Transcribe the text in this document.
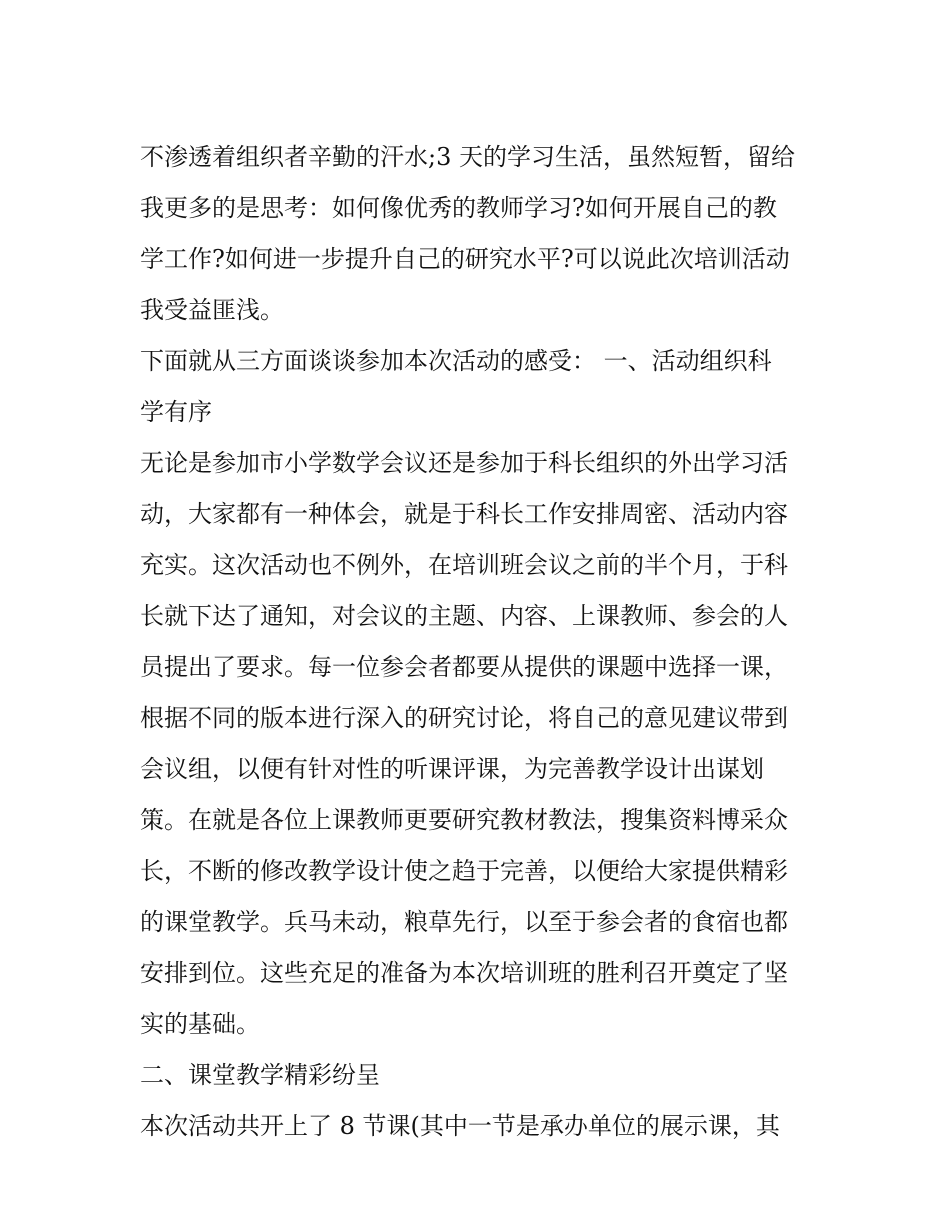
不渗透着组织者辛勤的汗水;3 天的学习生活，虽然短暂，留给
我更多的是思考：如何像优秀的教师学习?如何开展自己的教
学工作?如何进一步提升自己的研究水平?可以说此次培训活动
我受益匪浅。
下面就从三方面谈谈参加本次活动的感受： 一、活动组织科
学有序
无论是参加市小学数学会议还是参加于科长组织的外出学习活
动，大家都有一种体会，就是于科长工作安排周密、活动内容
充实。这次活动也不例外，在培训班会议之前的半个月，于科
长就下达了通知，对会议的主题、内容、上课教师、参会的人
员提出了要求。每一位参会者都要从提供的课题中选择一课，
根据不同的版本进行深入的研究讨论，将自己的意见建议带到
会议组，以便有针对性的听课评课，为完善教学设计出谋划
策。在就是各位上课教师更要研究教材教法，搜集资料博采众
长，不断的修改教学设计使之趋于完善，以便给大家提供精彩
的课堂教学。兵马未动，粮草先行，以至于参会者的食宿也都
安排到位。这些充足的准备为本次培训班的胜利召开奠定了坚
实的基础。
二、课堂教学精彩纷呈
本次活动共开上了 8 节课(其中一节是承办单位的展示课，其
